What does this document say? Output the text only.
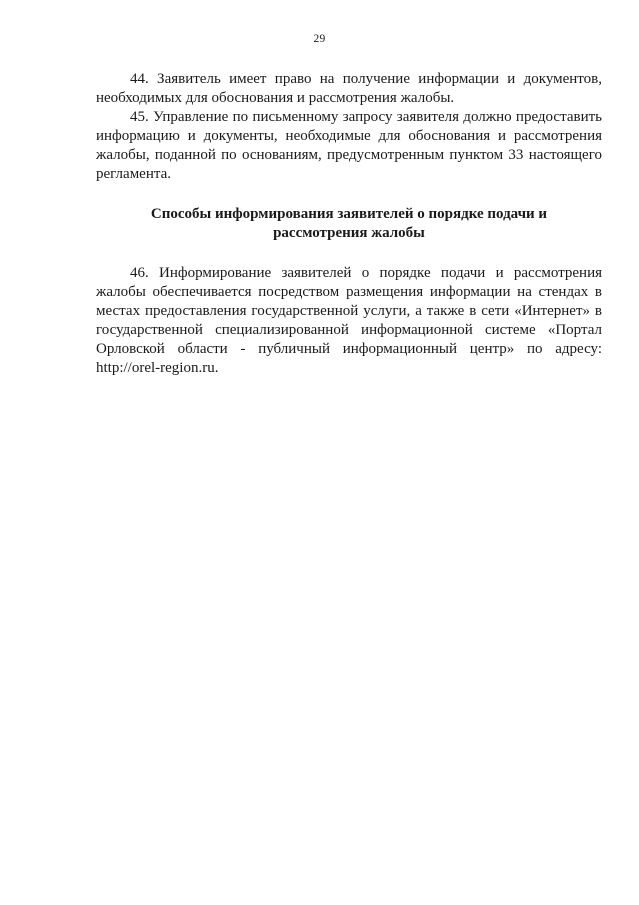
29

44. Заявитель имеет право на получение информации и документов, необходимых для обоснования и рассмотрения жалобы.

45. Управление по письменному запросу заявителя должно предоставить информацию и документы, необходимые для обоснования и рассмотрения жалобы, поданной по основаниям, предусмотренным пунктом 33 настоящего регламента.

Способы информирования заявителей о порядке подачи и рассмотрения жалобы

46. Информирование заявителей о порядке подачи и рассмотрения жалобы обеспечивается посредством размещения информации на стендах в местах предоставления государственной услуги, а также в сети «Интернет» в государственной специализированной информационной системе «Портал Орловской области - публичный информационный центр» по адресу: http://orel-region.ru.
